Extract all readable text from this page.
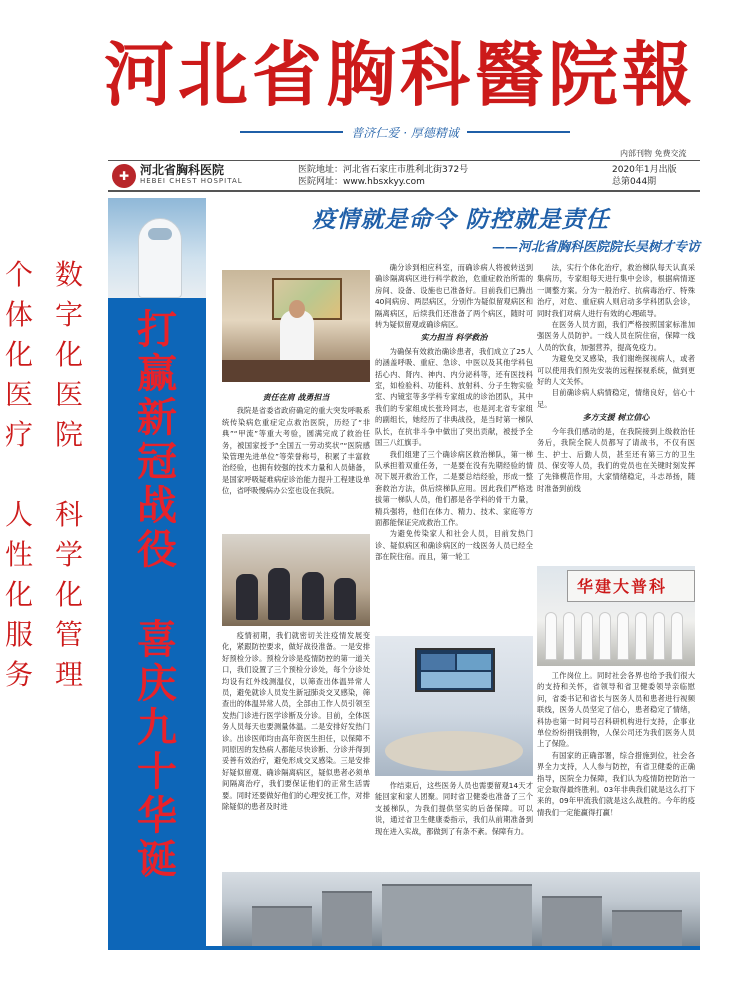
河北省胸科醫院報
普济仁爱 · 厚德精诚
内部刊物 免费交流
✚ 河北省胸科医院
HEBEI CHEST HOSPITAL
医院地址：河北省石家庄市胜利北街372号
医院网址：www.hbsxkyy.com
2020年1月出版
总第044期
个
体
化
医
疗

人
性
化
服
务
数
字
化
医
院

科
学
化
管
理
打
赢
新
冠
战
役
喜
庆
九
十
华
诞
疫情就是命令 防控就是责任
——河北省胸科医院院长吴树才专访

责任在肩 战勇担当

我院是省委省政府确定的重大突发呼吸系统传染病危重症定点救治医院，历经了“非典”“甲流”等重大考验，圆满完成了救治任务，被国家授予“全国五一劳动奖状”“医院感染管理先进单位”等荣誉称号，积累了丰富救治经验，也拥有较强的技术力量和人员储备，是国家呼吸疑难病症诊治能力提升工程建设单位，省呼吸慢病办公室也设在我院。

疫情初期，我们就密切关注疫情发展变化，紧跟防控要求，做好战役准备。一是安排好预检分诊。预检分诊是疫情防控的第一道关口，我们设置了三个预检分诊处，每个分诊处均设有红外线测温仪，以筛查出体温异常人员，避免就诊人员发生新冠肺炎交叉感染，筛查出的体温异常人员，全部由工作人员引领至发热门诊进行医学诊断及分诊。目前，全体医务人员每天也要测量体温。二是安排好发热门诊。出诊医师均由高年资医生担任，以保障不同原因的发热病人都能尽快诊断、分诊并得到妥善有效治疗，避免形成交叉感染。三是安排好疑似留观、确诊隔离病区，疑似患者必须单间隔离治疗，我们要保证他们的正常生活需要。同时还要做好他们的心理安抚工作，对排除疑似的患者及时进

确分诊到相应科室，而确诊病人将被转送到确诊隔离病区进行科学救治，危重症救治所需的房间、设备、设施也已准备好。目前我们已腾出40间病房、两层病区，分别作为疑似留观病区和隔离病区，后续我们还准备了两个病区，随时可转为疑似留观或确诊病区。

实力担当 科学救治

为确保有效救治确诊患者，我们成立了25人的涵盖呼吸、重症、急诊、中医以及其他学科包括心内、肾内、神内、内分泌科等，还有医技科室，如检验科、功能科、放射科、分子生物实验室、内镜室等多学科专家组成的诊治团队，其中我们的专家组成长张玲同志，也是河北省专家组的副组长，她经历了非典战役，是当时第一梯队队长，在抗非斗争中做出了突出贡献，被授予全国三八红旗手。

我们组建了三个确诊病区救治梯队，第一梯队承担着双重任务，一是要在没有先期经验的情况下展开救治工作，二是要总结经验，形成一整套救治方法，供后续梯队应用。因此我们严格选拔第一梯队人员，他们都是各学科的骨干力量，精兵强将，他们在体力、精力、技术、家庭等方面都能保证完成救治工作。

为避免传染家人和社会人员，目前发热门诊、疑似病区和确诊病区的一线医务人员已经全部在院住宿。而且，第一轮工

作结束后，这些医务人员也需要留观14天才能回家和家人团聚。同时省卫健委也准备了三个支援梯队，为我们提供坚实的后备保障。可以说，通过省卫生健康委指示，我们从前期准备到现在进入实战，都做到了有条不紊。保障有力。

法，实行个体化治疗，救治梯队每天认真采集病历，专家组每天进行集中会诊，根据病情逐一调整方案。分为一般治疗、抗病毒治疗、特殊治疗，对危、重症病人则启动多学科团队会诊，同时我们对病人进行有效的心理疏导。

在医务人员方面，我们严格按照国家标准加强医务人员防护。一线人员在院住宿，保障一线人员的饮食，加强营养，提高免疫力。

为避免交叉感染，我们谢绝探视病人，或者可以使用我们预先安装的远程探视系统，做到更好的人文关怀。

目前确诊病人病情稳定，情绪良好，信心十足。

多方支援 树立信心

今年我们感动的是，在我院接到上级救治任务后，我院全院人员都写了请战书，不仅有医生、护士、后勤人员，甚至还有第三方的卫生员、保安等人员，我们的党员也在关键时刻发挥了先锋模范作用，大家情绪稳定，斗志昂扬，随时准备到前线

华建大普科

工作岗位上。同时社会各界也给予我们很大的支持和关怀，省领导和省卫健委领导亲临慰问，省委书记和省长与医务人员和患者进行视频联线，医务人员坚定了信心，患者稳定了情绪，科协也第一时间号召科研机构进行支持，企事业单位纷纷捐钱捐物，人保公司还为我们医务人员上了保险。

有国家的正确部署，综合措施到位，社会各界全力支持，人人参与防控，有省卫健委的正确指导，医院全力保障，我们认为疫情防控防治一定会取得最终胜利。03年非典我们就是这么打下来的，09年甲流我们就是这么战胜的。今年的疫情我们一定能赢得打赢！
